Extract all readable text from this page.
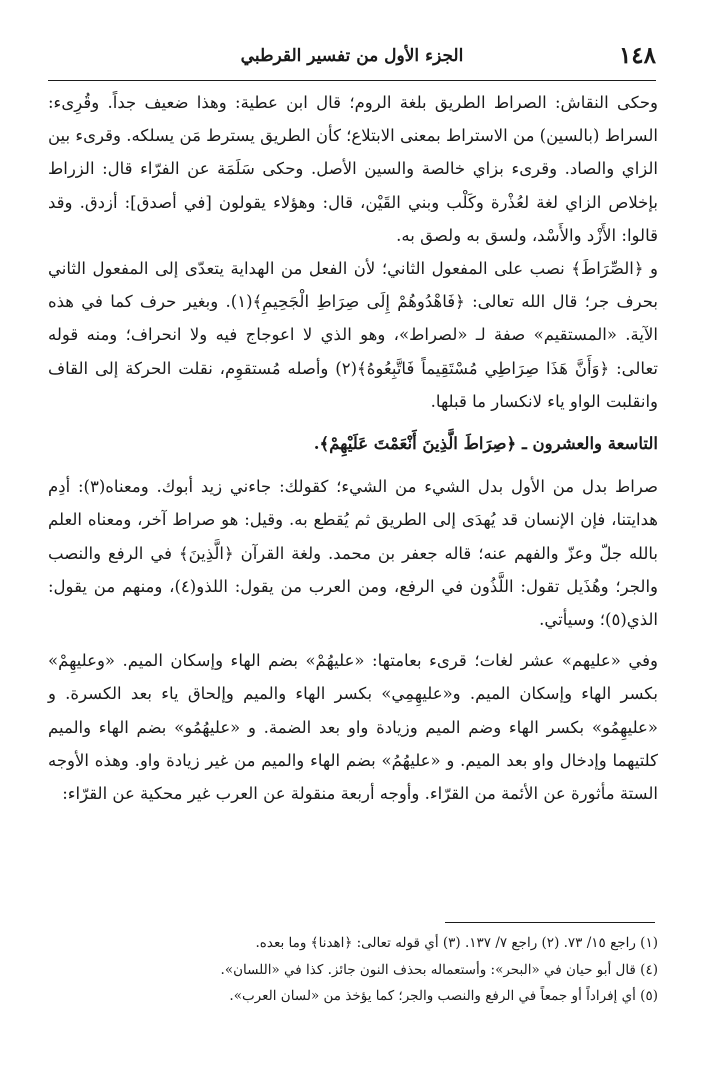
١٤٨
الجزء الأول من تفسير القرطبي

وحكى النقاش: الصراط الطريق بلغة الروم؛ قال ابن عطية: وهذا ضعيف جداً. وقُرِىء: السراط (بالسين) من الاستراط بمعنى الابتلاع؛ كأن الطريق يسترط مَن يسلكه. وقرىء بين الزاي والصاد. وقرىء بزاي خالصة والسين الأصل. وحكى سَلَمَة عن الفرّاء قال: الزراط بإخلاص الزاي لغة لعُذْرة وكَلْب وبني القَيْن، قال: وهؤلاء يقولون [في أصدق]: أزدق. وقد قالوا: الأَزْد والأَسْد، ولسق به ولصق به.

و ﴿الصِّرَاطَ﴾ نصب على المفعول الثاني؛ لأن الفعل من الهداية يتعدّى إلى المفعول الثاني بحرف جر؛ قال الله تعالى: ﴿فَاهْدُوهُمْ إِلَى صِرَاطِ الْجَحِيمِ﴾(١). وبغير حرف كما في هذه الآية. «المستقيم» صفة لـ «لصراط»، وهو الذي لا اعوجاج فيه ولا انحراف؛ ومنه قوله تعالى: ﴿وَأَنَّ هَذَا صِرَاطِي مُسْتَقِيماً فَاتَّبِعُوهُ﴾(٢) وأصله مُستقوِم، نقلت الحركة إلى القاف وانقلبت الواو ياء لانكسار ما قبلها.

التاسعة والعشرون ـ ﴿صِرَاطَ الَّذِينَ أَنْعَمْتَ عَلَيْهِمْ﴾.

صراط بدل من الأول بدل الشيء من الشيء؛ كقولك: جاءني زيد أبوك. ومعناه(٣): أدِم هدايتنا، فإن الإنسان قد يُهدَى إلى الطريق ثم يُقطع به. وقيل: هو صراط آخر، ومعناه العلم بالله جلّ وعزّ والفهم عنه؛ قاله جعفر بن محمد. ولغة القرآن ﴿الَّذِينَ﴾ في الرفع والنصب والجر؛ وهُذَيل تقول: اللَّذُون في الرفع، ومن العرب من يقول: اللذو(٤)، ومنهم من يقول: الذي(٥)؛ وسيأتي.

وفي «عليهم» عشر لغات؛ قرىء بعامتها: «عليهُمْ» بضم الهاء وإسكان الميم. «وعليهِمْ» بكسر الهاء وإسكان الميم. و«عليهِمِي» بكسر الهاء والميم وإلحاق ياء بعد الكسرة. و «عليهِمُو» بكسر الهاء وضم الميم وزيادة واو بعد الضمة. و «عليهُمُو» بضم الهاء والميم كلتيهما وإدخال واو بعد الميم. و «عليهُمُ» بضم الهاء والميم من غير زيادة واو. وهذه الأوجه الستة مأثورة عن الأئمة من القرّاء. وأوجه أربعة منقولة عن العرب غير محكية عن القرّاء:

(١) راجع ١٥/ ٧٣. (٢) راجع ٧/ ١٣٧. (٣) أي قوله تعالى: ﴿اهدنا﴾ وما بعده.

(٤) قال أبو حيان في «البحر»: وأستعماله بحذف النون جائز. كذا في «اللسان».

(٥) أي إفراداً أو جمعاً في الرفع والنصب والجر؛ كما يؤخذ من «لسان العرب».
